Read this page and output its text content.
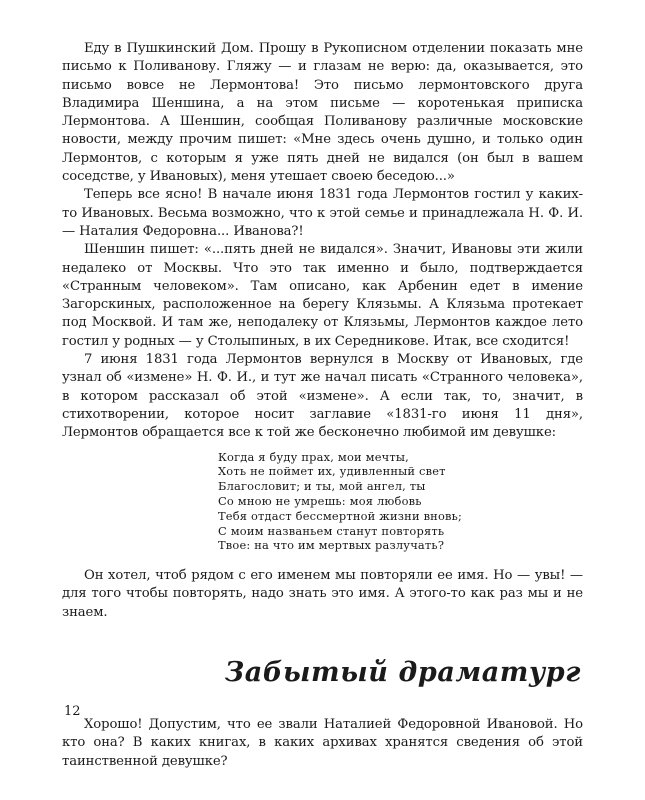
Еду в Пушкинский Дом. Прошу в Рукописном отделении показать мне письмо к Поливанову. Гляжу — и глазам не верю: да, оказывается, это письмо вовсе не Лермонтова! Это письмо лермонтовского друга Владимира Шеншина, а на этом письме — коротенькая приписка Лермонтова. А Шеншин, сообщая Поливанову различные московские новости, между прочим пишет: «Мне здесь очень душно, и только один Лермонтов, с которым я уже пять дней не видался (он был в вашем соседстве, у Ивановых), меня утешает своею беседою...»

Теперь все ясно! В начале июня 1831 года Лермонтов гостил у каких-то Ивановых. Весьма возможно, что к этой семье и принадлежала Н. Ф. И. — Наталия Федоровна... Иванова?!

Шеншин пишет: «...пять дней не видался». Значит, Ивановы эти жили недалеко от Москвы. Что это так именно и было, подтверждается «Странным человеком». Там описано, как Арбенин едет в имение Загорскиных, расположенное на берегу Клязьмы. А Клязьма протекает под Москвой. И там же, неподалеку от Клязьмы, Лермонтов каждое лето гостил у родных — у Столыпиных, в их Середникове. Итак, все сходится!

7 июня 1831 года Лермонтов вернулся в Москву от Ивановых, где узнал об «измене» Н. Ф. И., и тут же начал писать «Странного человека», в котором рассказал об этой «измене». А если так, то, значит, в стихотворении, которое носит заглавие «1831-го июня 11 дня», Лермонтов обращается все к той же бесконечно любимой им девушке:

Когда я буду прах, мои мечты,
Хоть не поймет их, удивленный свет
Благословит; и ты, мой ангел, ты
Со мною не умрешь: моя любовь
Тебя отдаст бессмертной жизни вновь;
С моим названьем станут повторять
Твое: на что им мертвых разлучать?

Он хотел, чтоб рядом с его именем мы повторяли ее имя. Но — увы! — для того чтобы повторять, надо знать это имя. А этого-то как раз мы и не знаем.

Забытый драматург

Хорошо! Допустим, что ее звали Наталией Федоровной Ивановой. Но кто она? В каких книгах, в каких архивах хранятся сведения об этой таинственной девушке?

12
